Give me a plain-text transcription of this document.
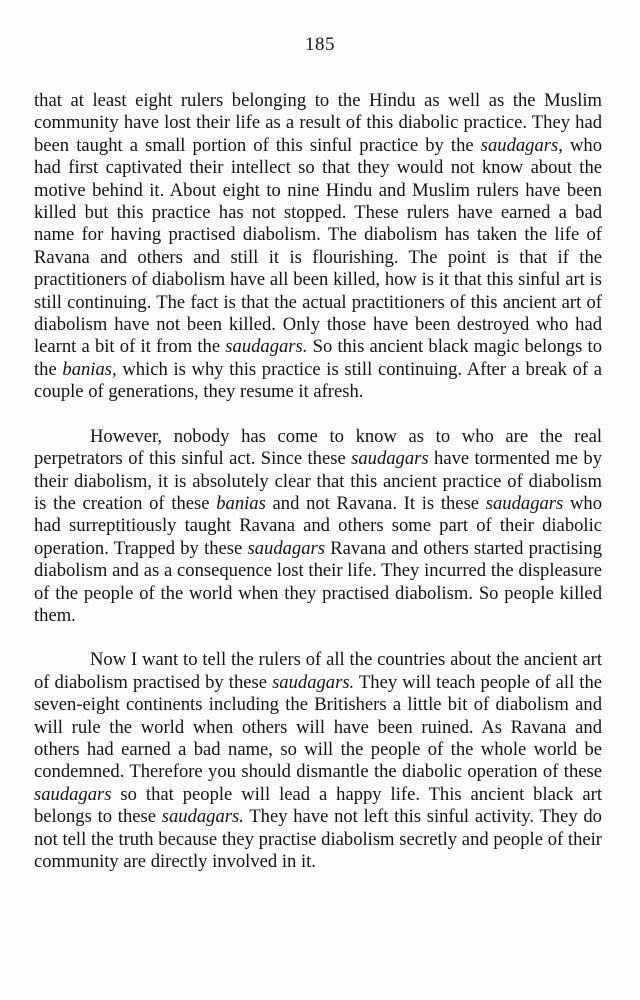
185

that at least eight rulers belonging to the Hindu as well as the Muslim community have lost their life as a result of this diabolic practice. They had been taught a small portion of this sinful practice by the saudagars, who had first captivated their intellect so that they would not know about the motive behind it. About eight to nine Hindu and Muslim rulers have been killed but this practice has not stopped. These rulers have earned a bad name for having practised diabolism. The diabolism has taken the life of Ravana and others and still it is flourishing. The point is that if the practitioners of diabolism have all been killed, how is it that this sinful art is still continuing. The fact is that the actual practitioners of this ancient art of diabolism have not been killed. Only those have been destroyed who had learnt a bit of it from the saudagars. So this ancient black magic belongs to the banias, which is why this practice is still continuing. After a break of a couple of generations, they resume it afresh.

However, nobody has come to know as to who are the real perpetrators of this sinful act. Since these saudagars have tormented me by their diabolism, it is absolutely clear that this ancient practice of diabolism is the creation of these banias and not Ravana. It is these saudagars who had surreptitiously taught Ravana and others some part of their diabolic operation. Trapped by these saudagars Ravana and others started practising diabolism and as a consequence lost their life. They incurred the displeasure of the people of the world when they practised diabolism. So people killed them.

Now I want to tell the rulers of all the countries about the ancient art of diabolism practised by these saudagars. They will teach people of all the seven-eight continents including the Britishers a little bit of diabolism and will rule the world when others will have been ruined. As Ravana and others had earned a bad name, so will the people of the whole world be condemned. Therefore you should dismantle the diabolic operation of these saudagars so that people will lead a happy life. This ancient black art belongs to these saudagars. They have not left this sinful activity. They do not tell the truth because they practise diabolism secretly and people of their community are directly involved in it.
